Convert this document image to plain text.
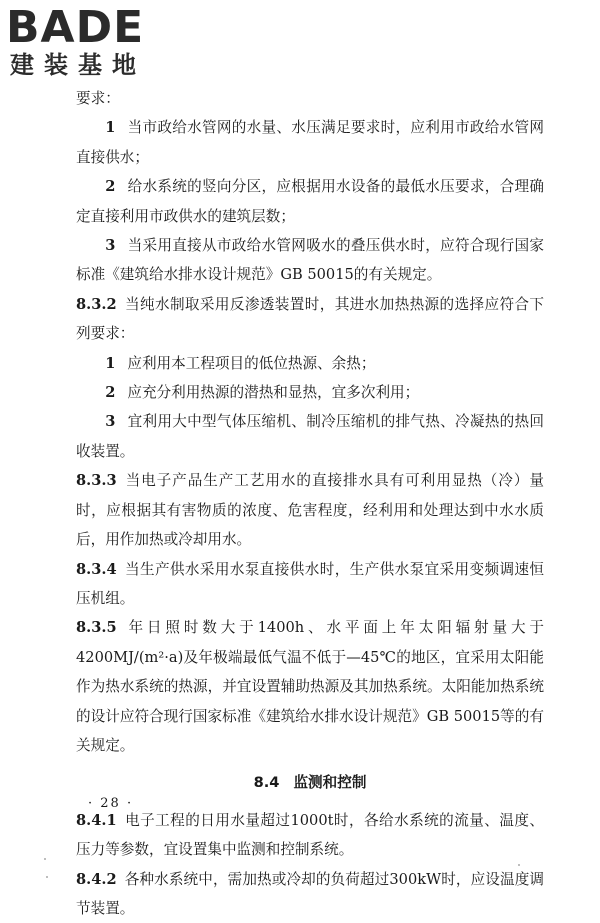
BADE
建装基地

要求：

1 当市政给水管网的水量、水压满足要求时，应利用市政给水管网直接供水；

2 给水系统的竖向分区，应根据用水设备的最低水压要求，合理确定直接利用市政供水的建筑层数；

3 当采用直接从市政给水管网吸水的叠压供水时，应符合现行国家标准《建筑给水排水设计规范》GB 50015的有关规定。

8.3.2 当纯水制取采用反渗透装置时，其进水加热热源的选择应符合下列要求：

1 应利用本工程项目的低位热源、余热；

2 应充分利用热源的潜热和显热，宜多次利用；

3 宜利用大中型气体压缩机、制冷压缩机的排气热、冷凝热的热回收装置。

8.3.3 当电子产品生产工艺用水的直接排水具有可利用显热（冷）量时，应根据其有害物质的浓度、危害程度，经利用和处理达到中水水质后，用作加热或冷却用水。

8.3.4 当生产供水采用水泵直接供水时，生产供水泵宜采用变频调速恒压机组。

8.3.5 年日照时数大于1400h、水平面上年太阳辐射量大于4200MJ/(m²·a)及年极端最低气温不低于—45℃的地区，宜采用太阳能作为热水系统的热源，并宜设置辅助热源及其加热系统。太阳能加热系统的设计应符合现行国家标准《建筑给水排水设计规范》GB 50015等的有关规定。

8.4 监测和控制

8.4.1 电子工程的日用水量超过1000t时，各给水系统的流量、温度、压力等参数，宜设置集中监测和控制系统。

8.4.2 各种水系统中，需加热或冷却的负荷超过300kW时，应设温度调节装置。

· 28 ·
